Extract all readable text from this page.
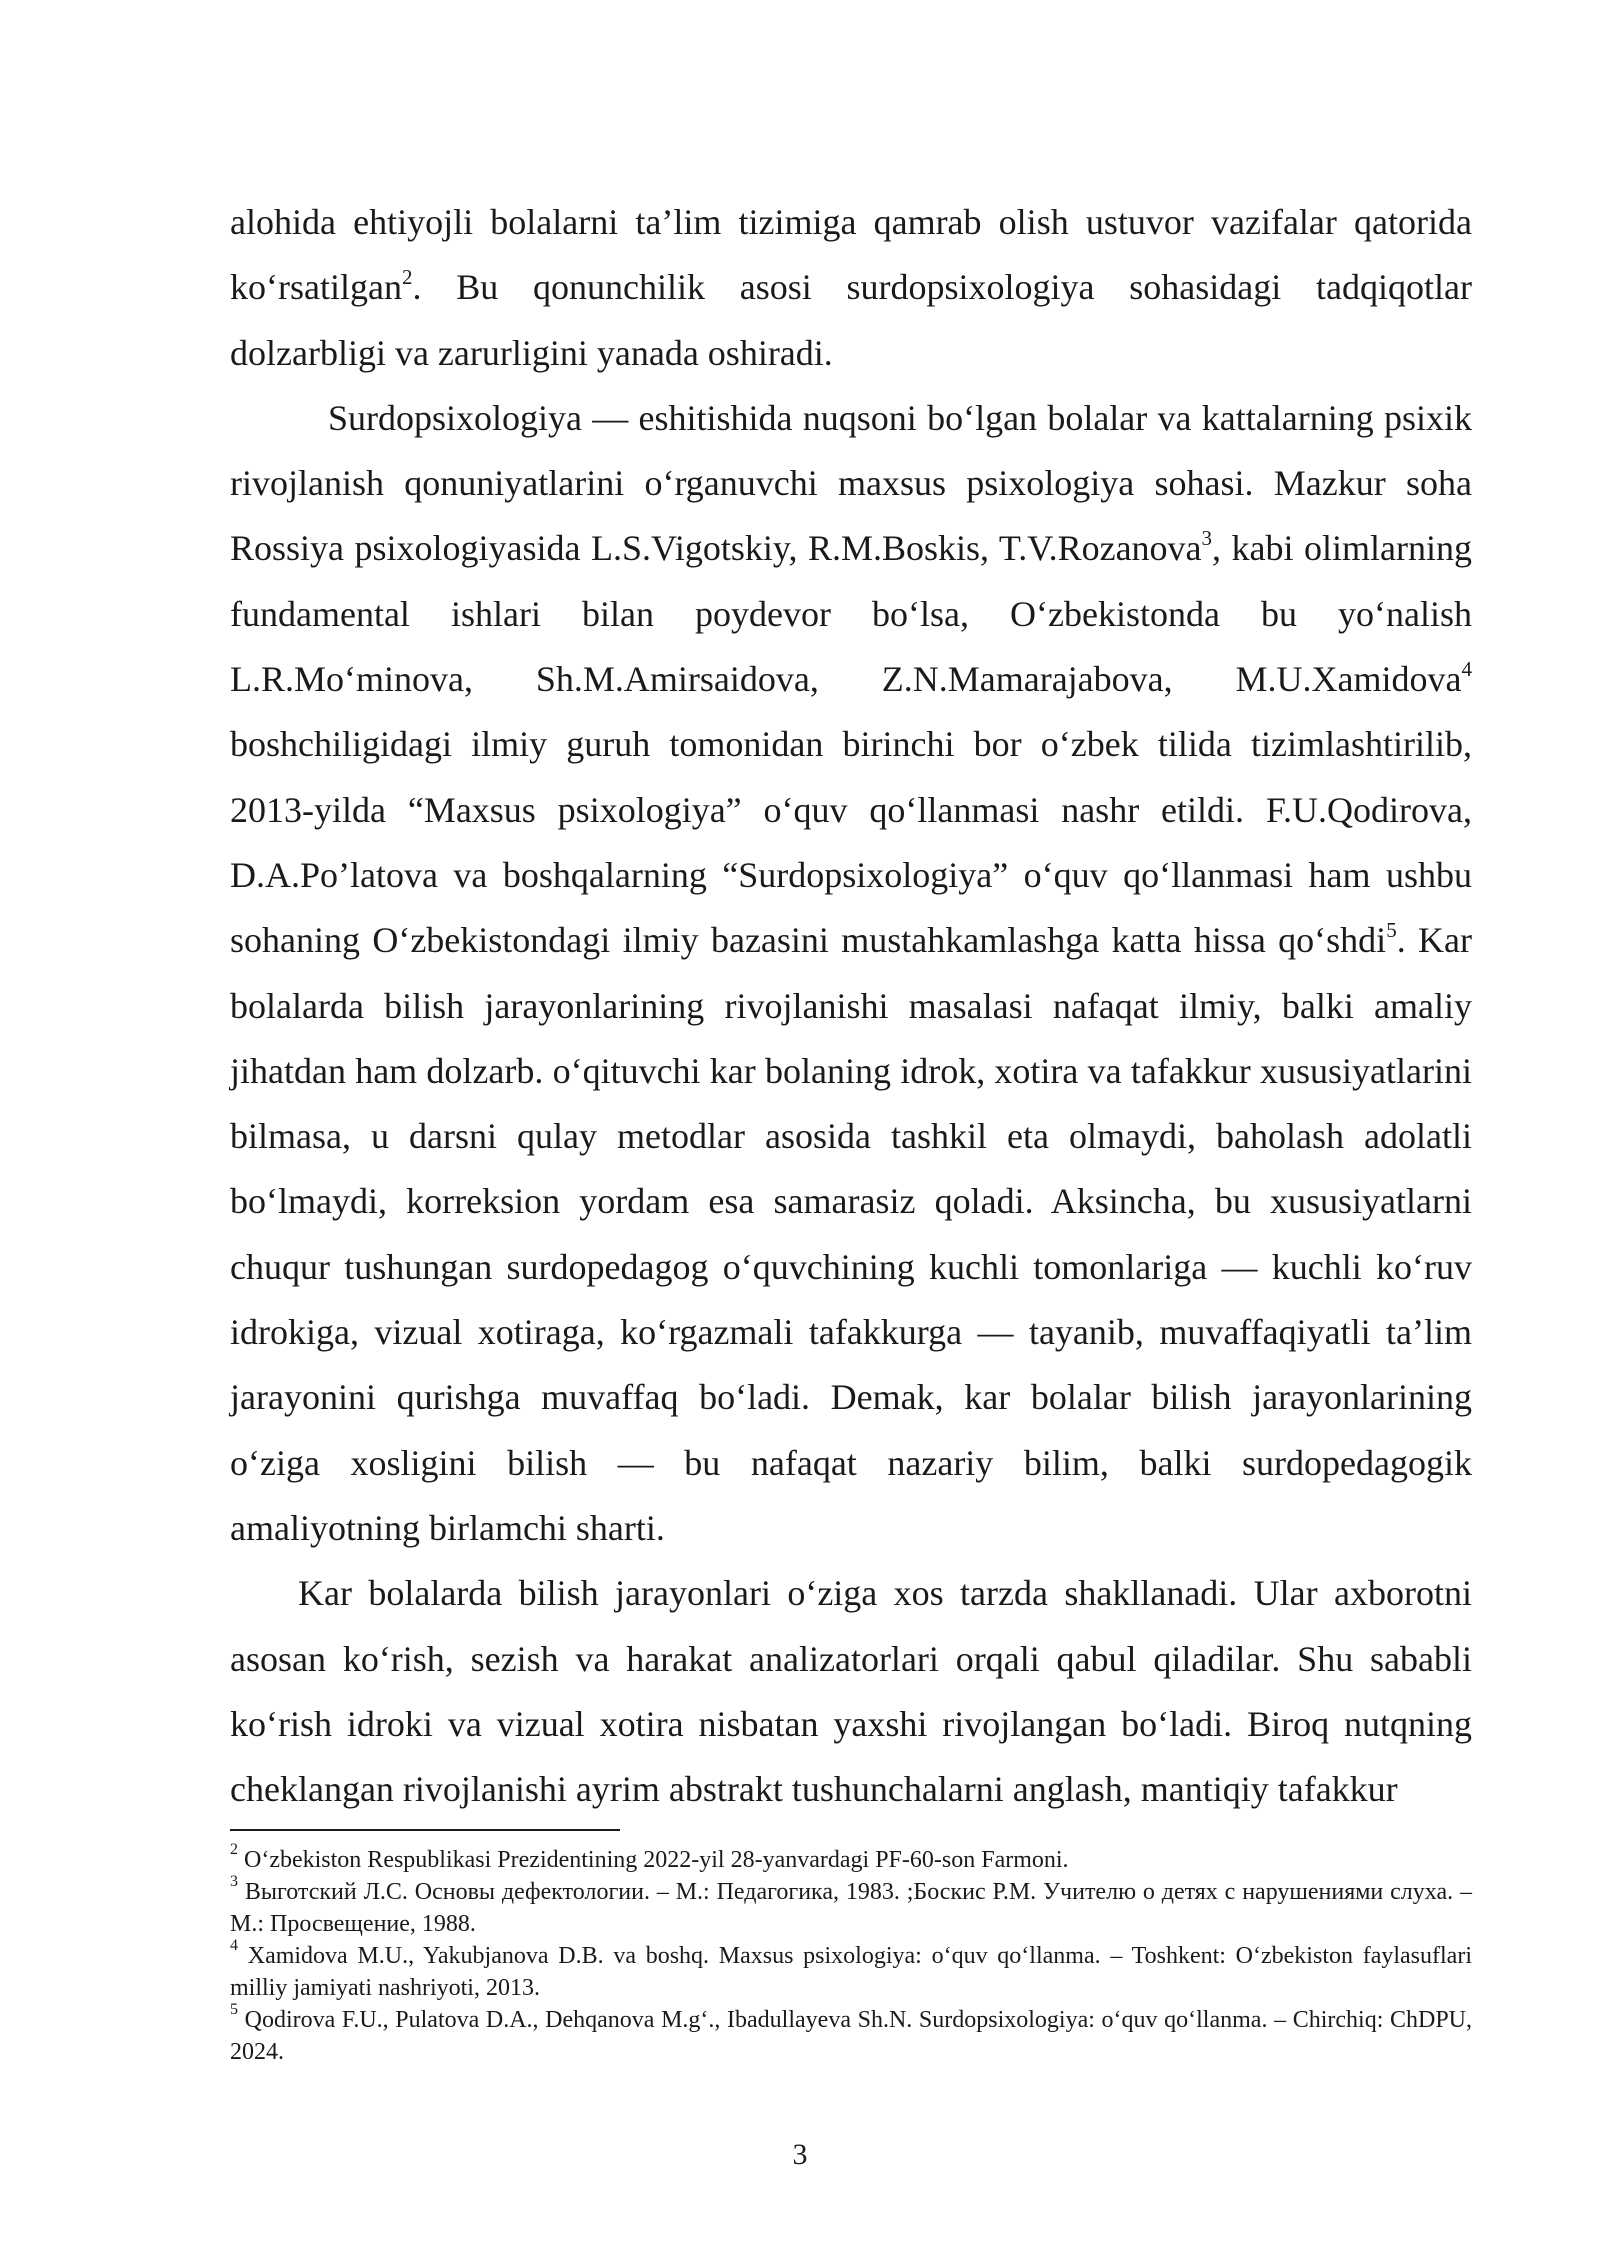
alohida ehtiyojli bolalarni ta’lim tizimiga qamrab olish ustuvor vazifalar qatorida ko‘rsatilgan$^2$. Bu qonunchilik asosi surdopsixologiya sohasidagi tadqiqotlar dolzarbligi va zarurligini yanada oshiradi.

Surdopsixologiya — eshitishida nuqsoni bo‘lgan bolalar va kattalarning psixik rivojlanish qonuniyatlarini o‘rganuvchi maxsus psixologiya sohasi. Mazkur soha Rossiya psixologiyasida L.S.Vigotskiy, R.M.Boskis, T.V.Rozanova$^3$, kabi olimlarning fundamental ishlari bilan poydevor bo‘lsa, O‘zbekistonda bu yo‘nalish L.R.Mo‘minova, Sh.M.Amirsaidova, Z.N.Mamarajabova, M.U.Xamidova$^4$ boshchiligidagi ilmiy guruh tomonidan birinchi bor o‘zbek tilida tizimlashtirilib, 2013-yilda “Maxsus psixologiya” o‘quv qo‘llanmasi nashr etildi. F.U.Qodirova, D.A.Po’latova va boshqalarning “Surdopsixologiya” o‘quv qo‘llanmasi ham ushbu sohaning O‘zbekistondagi ilmiy bazasini mustahkamlashga katta hissa qo‘shdi$^5$. Kar bolalarda bilish jarayonlarining rivojlanishi masalasi nafaqat ilmiy, balki amaliy jihatdan ham dolzarb. o‘qituvchi kar bolaning idrok, xotira va tafakkur xususiyatlarini bilmasa, u darsni qulay metodlar asosida tashkil eta olmaydi, baholash adolatli bo‘lmaydi, korreksion yordam esa samarasiz qoladi. Aksincha, bu xususiyatlarni chuqur tushungan surdopedagog o‘quvchining kuchli tomonlariga — kuchli ko‘ruv idrokiga, vizual xotiraga, ko‘rgazmali tafakkurga — tayanib, muvaffaqiyatli ta’lim jarayonini qurishga muvaffaq bo‘ladi. Demak, kar bolalar bilish jarayonlarining o‘ziga xosligini bilish — bu nafaqat nazariy bilim, balki surdopedagogik amaliyotning birlamchi sharti.

Kar bolalarda bilish jarayonlari o‘ziga xos tarzda shakllanadi. Ular axborotni asosan ko‘rish, sezish va harakat analizatorlari orqali qabul qiladilar. Shu sababli ko‘rish idroki va vizual xotira nisbatan yaxshi rivojlangan bo‘ladi. Biroq nutqning cheklangan rivojlanishi ayrim abstrakt tushunchalarni anglash, mantiqiy tafakkur

$^2$ O‘zbekiston Respublikasi Prezidentining 2022-yil 28-yanvardagi PF-60-son Farmoni.

$^3$ Выготский Л.С. Основы дефектологии. – М.: Педагогика, 1983. ;Боскис Р.М. Учителю о детях с нарушениями слуха. – М.: Просвещение, 1988.

$^4$ Xamidova M.U., Yakubjanova D.B. va boshq. Maxsus psixologiya: o‘quv qo‘llanma. – Toshkent: O‘zbekiston faylasuflari milliy jamiyati nashriyoti, 2013.

$^5$ Qodirova F.U., Pulatova D.A., Dehqanova M.g‘., Ibadullayeva Sh.N. Surdopsixologiya: o‘quv qo‘llanma. – Chirchiq: ChDPU, 2024.

3
